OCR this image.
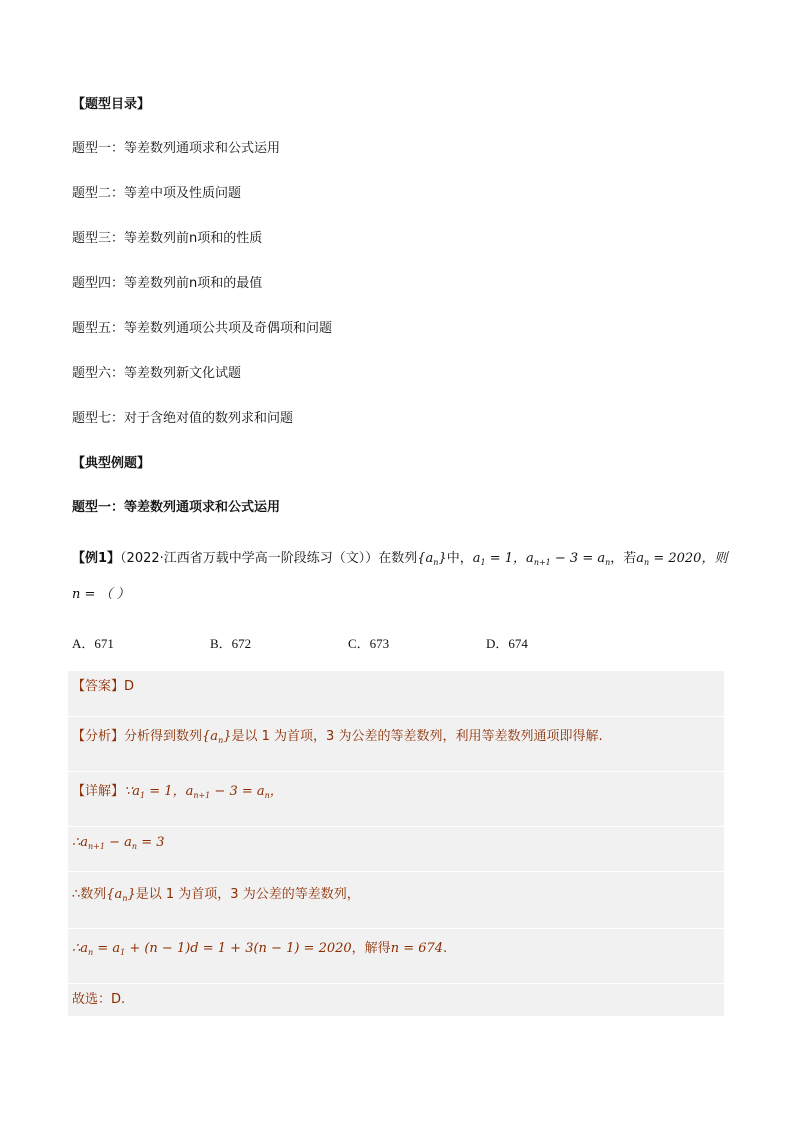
【题型目录】
题型一：等差数列通项求和公式运用
题型二：等差中项及性质问题
题型三：等差数列前n项和的性质
题型四：等差数列前n项和的最值
题型五：等差数列通项公共项及奇偶项和问题
题型六：等差数列新文化试题
题型七：对于含绝对值的数列求和问题
【典型例题】
题型一：等差数列通项求和公式运用
【例1】（2022·江西省万载中学高一阶段练习（文））在数列$\{a_n\}$中，$a_1 = 1$，$a_{n+1} - 3 = a_n$，若$a_n = 2020$，则
n = （ ）
A．671	B．672	C．673	D．674
【答案】D
【分析】分析得到数列$\{a_n\}$是以 1 为首项，3 为公差的等差数列，利用等差数列通项即得解.
【详解】$\because a_1 = 1$，$a_{n+1} - 3 = a_n$，
$\therefore a_{n+1} - a_n = 3$
∴数列$\{a_n\}$是以 1 为首项，3 为公差的等差数列，
$\therefore a_n = a_1 + (n - 1)d = 1 + 3(n - 1) = 2020$，解得n = 674.
故选：D.
